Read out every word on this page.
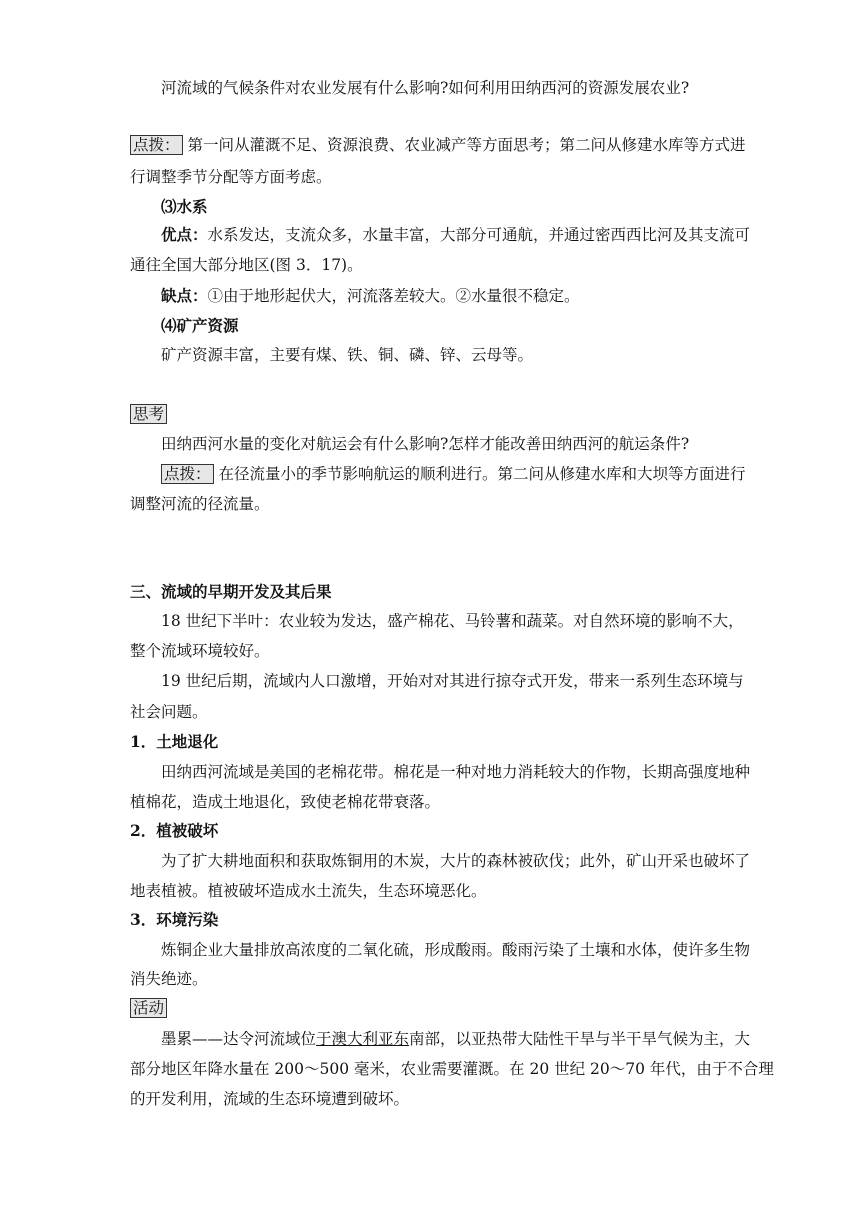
河流域的气候条件对农业发展有什么影响?如何利用田纳西河的资源发展农业?
点拨： 第一问从灌溉不足、资源浪费、农业减产等方面思考；第二问从修建水库等方式进
行调整季节分配等方面考虑。
⑶水系
优点：水系发达，支流众多，水量丰富，大部分可通航，并通过密西西比河及其支流可
通往全国大部分地区(图 3．17)。
缺点：①由于地形起伏大，河流落差较大。②水量很不稳定。
⑷矿产资源
矿产资源丰富，主要有煤、铁、铜、磷、锌、云母等。
思考
田纳西河水量的变化对航运会有什么影响?怎样才能改善田纳西河的航运条件?
点拨： 在径流量小的季节影响航运的顺利进行。第二问从修建水库和大坝等方面进行
调整河流的径流量。
三、流域的早期开发及其后果
18 世纪下半叶：农业较为发达，盛产棉花、马铃薯和蔬菜。对自然环境的影响不大，
整个流域环境较好。
19 世纪后期，流域内人口激增，开始对对其进行掠夺式开发，带来一系列生态环境与
社会问题。
1．土地退化
田纳西河流域是美国的老棉花带。棉花是一种对地力消耗较大的作物，长期高强度地种
植棉花，造成土地退化，致使老棉花带衰落。
2．植被破坏
为了扩大耕地面积和获取炼铜用的木炭，大片的森林被砍伐；此外，矿山开采也破坏了
地表植被。植被破坏造成水土流失，生态环境恶化。
3．环境污染
炼铜企业大量排放高浓度的二氧化硫，形成酸雨。酸雨污染了土壤和水体，使许多生物
消失绝迹。
活动
墨累——达令河流域位于澳大利亚东南部，以亚热带大陆性干旱与半干旱气候为主，大
部分地区年降水量在 200～500 毫米，农业需要灌溉。在 20 世纪 20～70 年代，由于不合理
的开发利用，流域的生态环境遭到破坏。
